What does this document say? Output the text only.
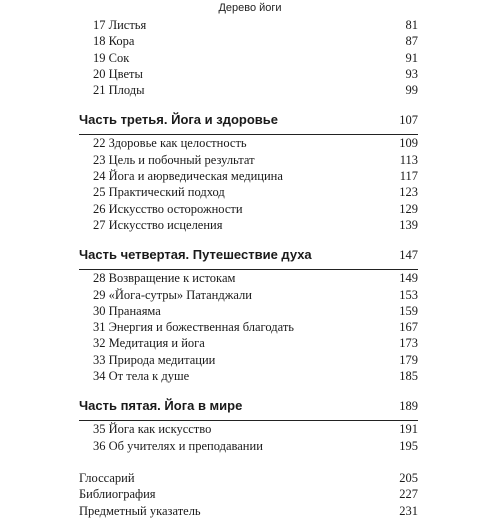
Дерево йоги
17 Листья	81
18 Кора	87
19 Сок	91
20 Цветы	93
21 Плоды	99
Часть третья. Йога и здоровье	107
22 Здоровье как целостность	109
23 Цель и побочный результат	113
24 Йога и аюрведическая медицина	117
25 Практический подход	123
26 Искусство осторожности	129
27 Искусство исцеления	139
Часть четвертая. Путешествие духа	147
28 Возвращение к истокам	149
29 «Йога-сутры» Патанджали	153
30 Пранаяма	159
31 Энергия и божественная благодать	167
32 Медитация и йога	173
33 Природа медитации	179
34 От тела к душе	185
Часть пятая. Йога в мире	189
35 Йога как искусство	191
36 Об учителях и преподавании	195
Глоссарий	205
Библиография	227
Предметный указатель	231
